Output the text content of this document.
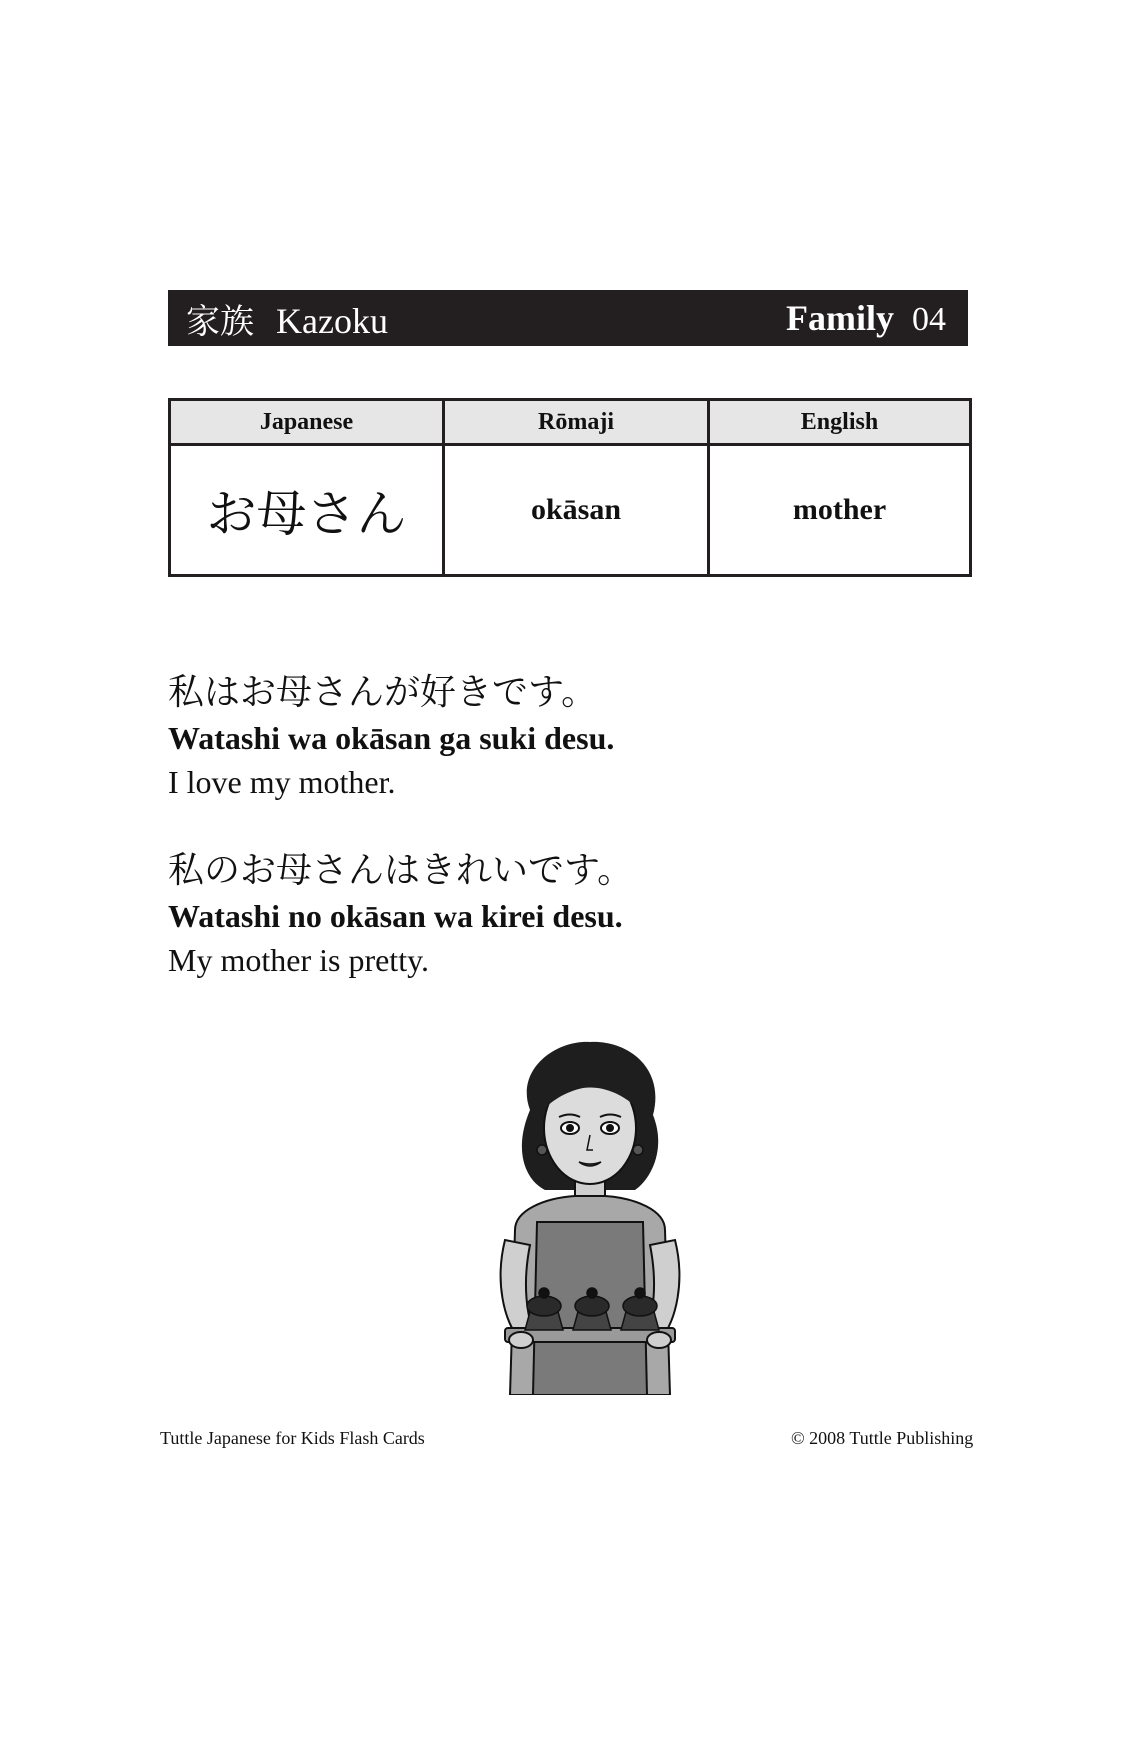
家族 Kazoku	Family 04
Japanese	Rōmaji	English
お母さん	okāsan	mother
私はお母さんが好きです。
Watashi wa okāsan ga suki desu.
I love my mother.
私のお母さんはきれいです。
Watashi no okāsan wa kirei desu.
My mother is pretty.
Tuttle Japanese for Kids Flash Cards	© 2008 Tuttle Publishing
